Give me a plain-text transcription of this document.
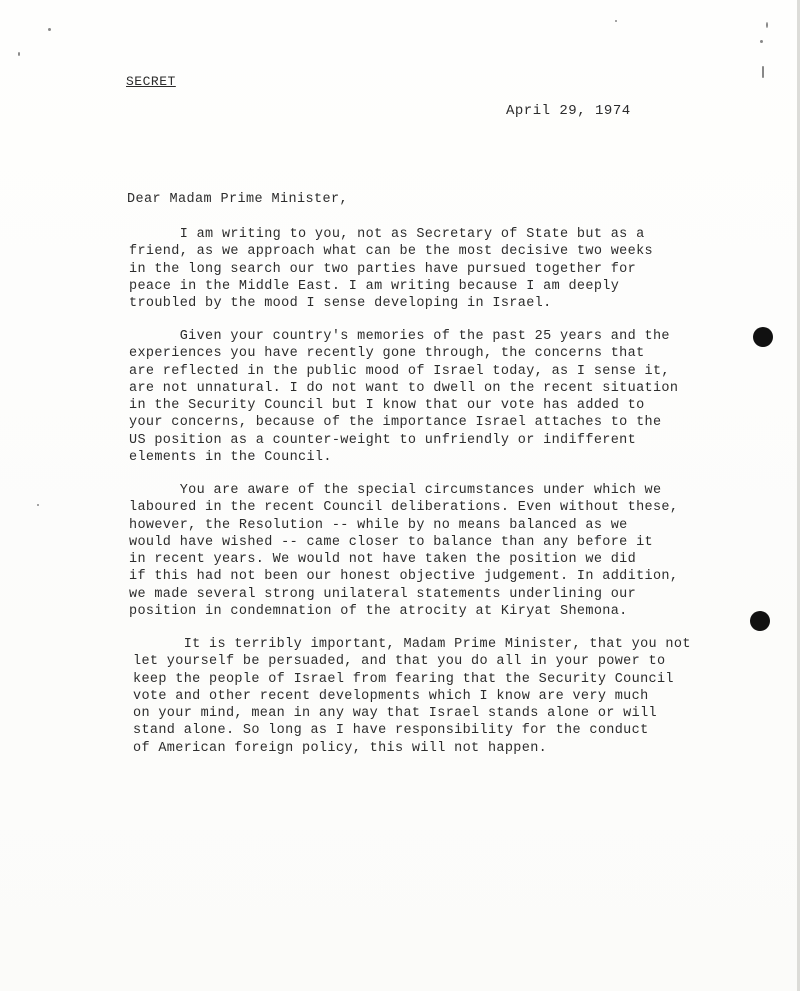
SECRET
April 29, 1974
Dear Madam Prime Minister,

I am writing to you, not as Secretary of State but as a
friend, as we approach what can be the most decisive two weeks
in the long search our two parties have pursued together for
peace in the Middle East. I am writing because I am deeply
troubled by the mood I sense developing in Israel.

Given your country's memories of the past 25 years and the
experiences you have recently gone through, the concerns that
are reflected in the public mood of Israel today, as I sense it,
are not unnatural. I do not want to dwell on the recent situation
in the Security Council but I know that our vote has added to
your concerns, because of the importance Israel attaches to the
US position as a counter-weight to unfriendly or indifferent
elements in the Council.

You are aware of the special circumstances under which we
laboured in the recent Council deliberations. Even without these,
however, the Resolution -- while by no means balanced as we
would have wished -- came closer to balance than any before it
in recent years. We would not have taken the position we did
if this had not been our honest objective judgement. In addition,
we made several strong unilateral statements underlining our
position in condemnation of the atrocity at Kiryat Shemona.

It is terribly important, Madam Prime Minister, that you not
let yourself be persuaded, and that you do all in your power to
keep the people of Israel from fearing that the Security Council
vote and other recent developments which I know are very much
on your mind, mean in any way that Israel stands alone or will
stand alone. So long as I have responsibility for the conduct
of American foreign policy, this will not happen.
